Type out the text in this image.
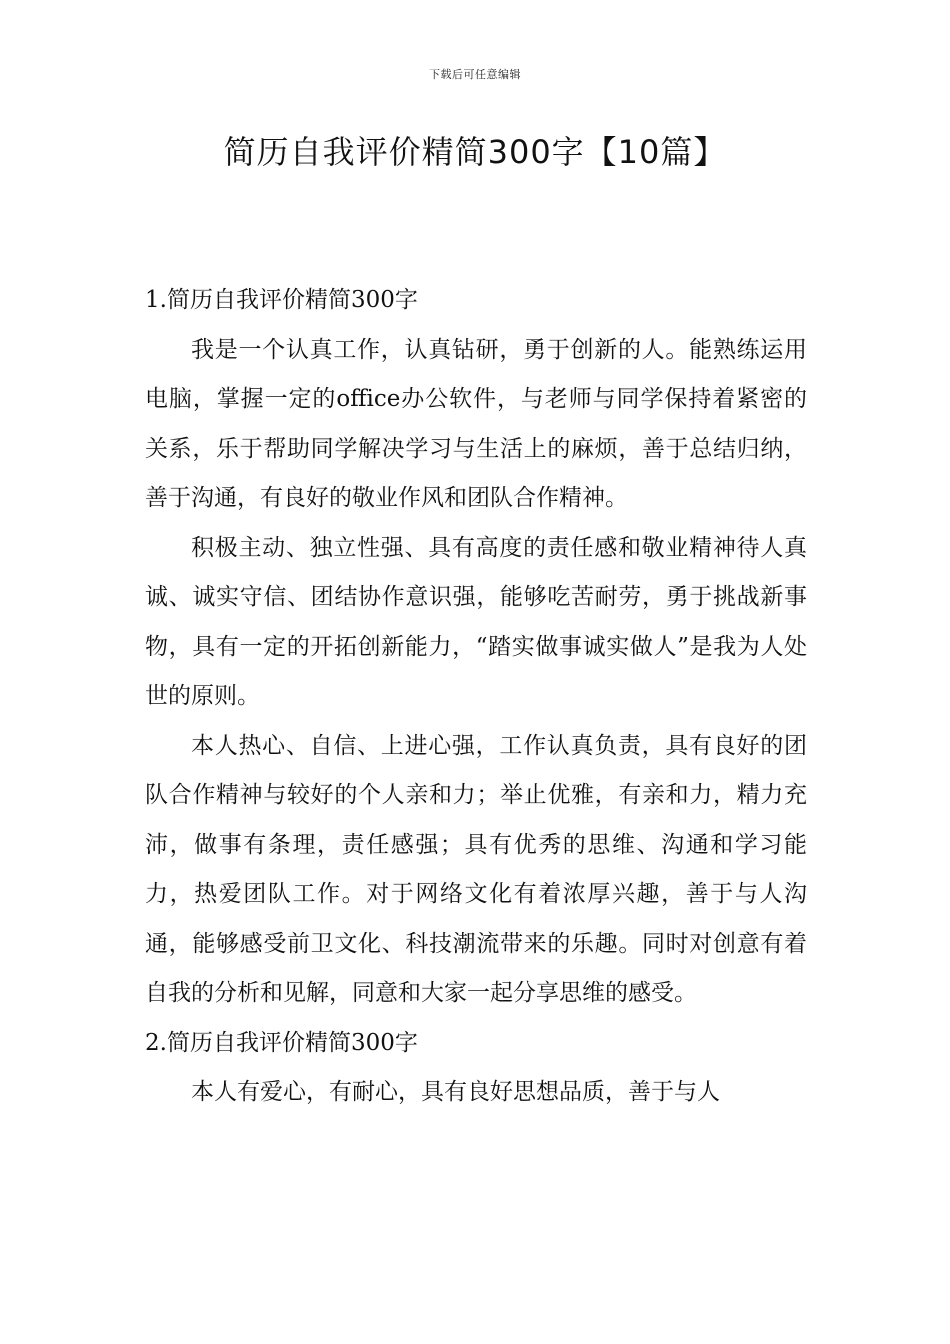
下载后可任意编辑
简历自我评价精简300字【10篇】
1.简历自我评价精简300字

我是一个认真工作，认真钻研，勇于创新的人。能熟练运用电脑，掌握一定的office办公软件，与老师与同学保持着紧密的关系，乐于帮助同学解决学习与生活上的麻烦，善于总结归纳，善于沟通，有良好的敬业作风和团队合作精神。

积极主动、独立性强、具有高度的责任感和敬业精神待人真诚、诚实守信、团结协作意识强，能够吃苦耐劳，勇于挑战新事物，具有一定的开拓创新能力，“踏实做事诚实做人”是我为人处世的原则。

本人热心、自信、上进心强，工作认真负责，具有良好的团队合作精神与较好的个人亲和力；举止优雅，有亲和力，精力充沛，做事有条理，责任感强；具有优秀的思维、沟通和学习能力，热爱团队工作。对于网络文化有着浓厚兴趣，善于与人沟通，能够感受前卫文化、科技潮流带来的乐趣。同时对创意有着自我的分析和见解，同意和大家一起分享思维的感受。

2.简历自我评价精简300字

本人有爱心，有耐心，具有良好思想品质，善于与人
